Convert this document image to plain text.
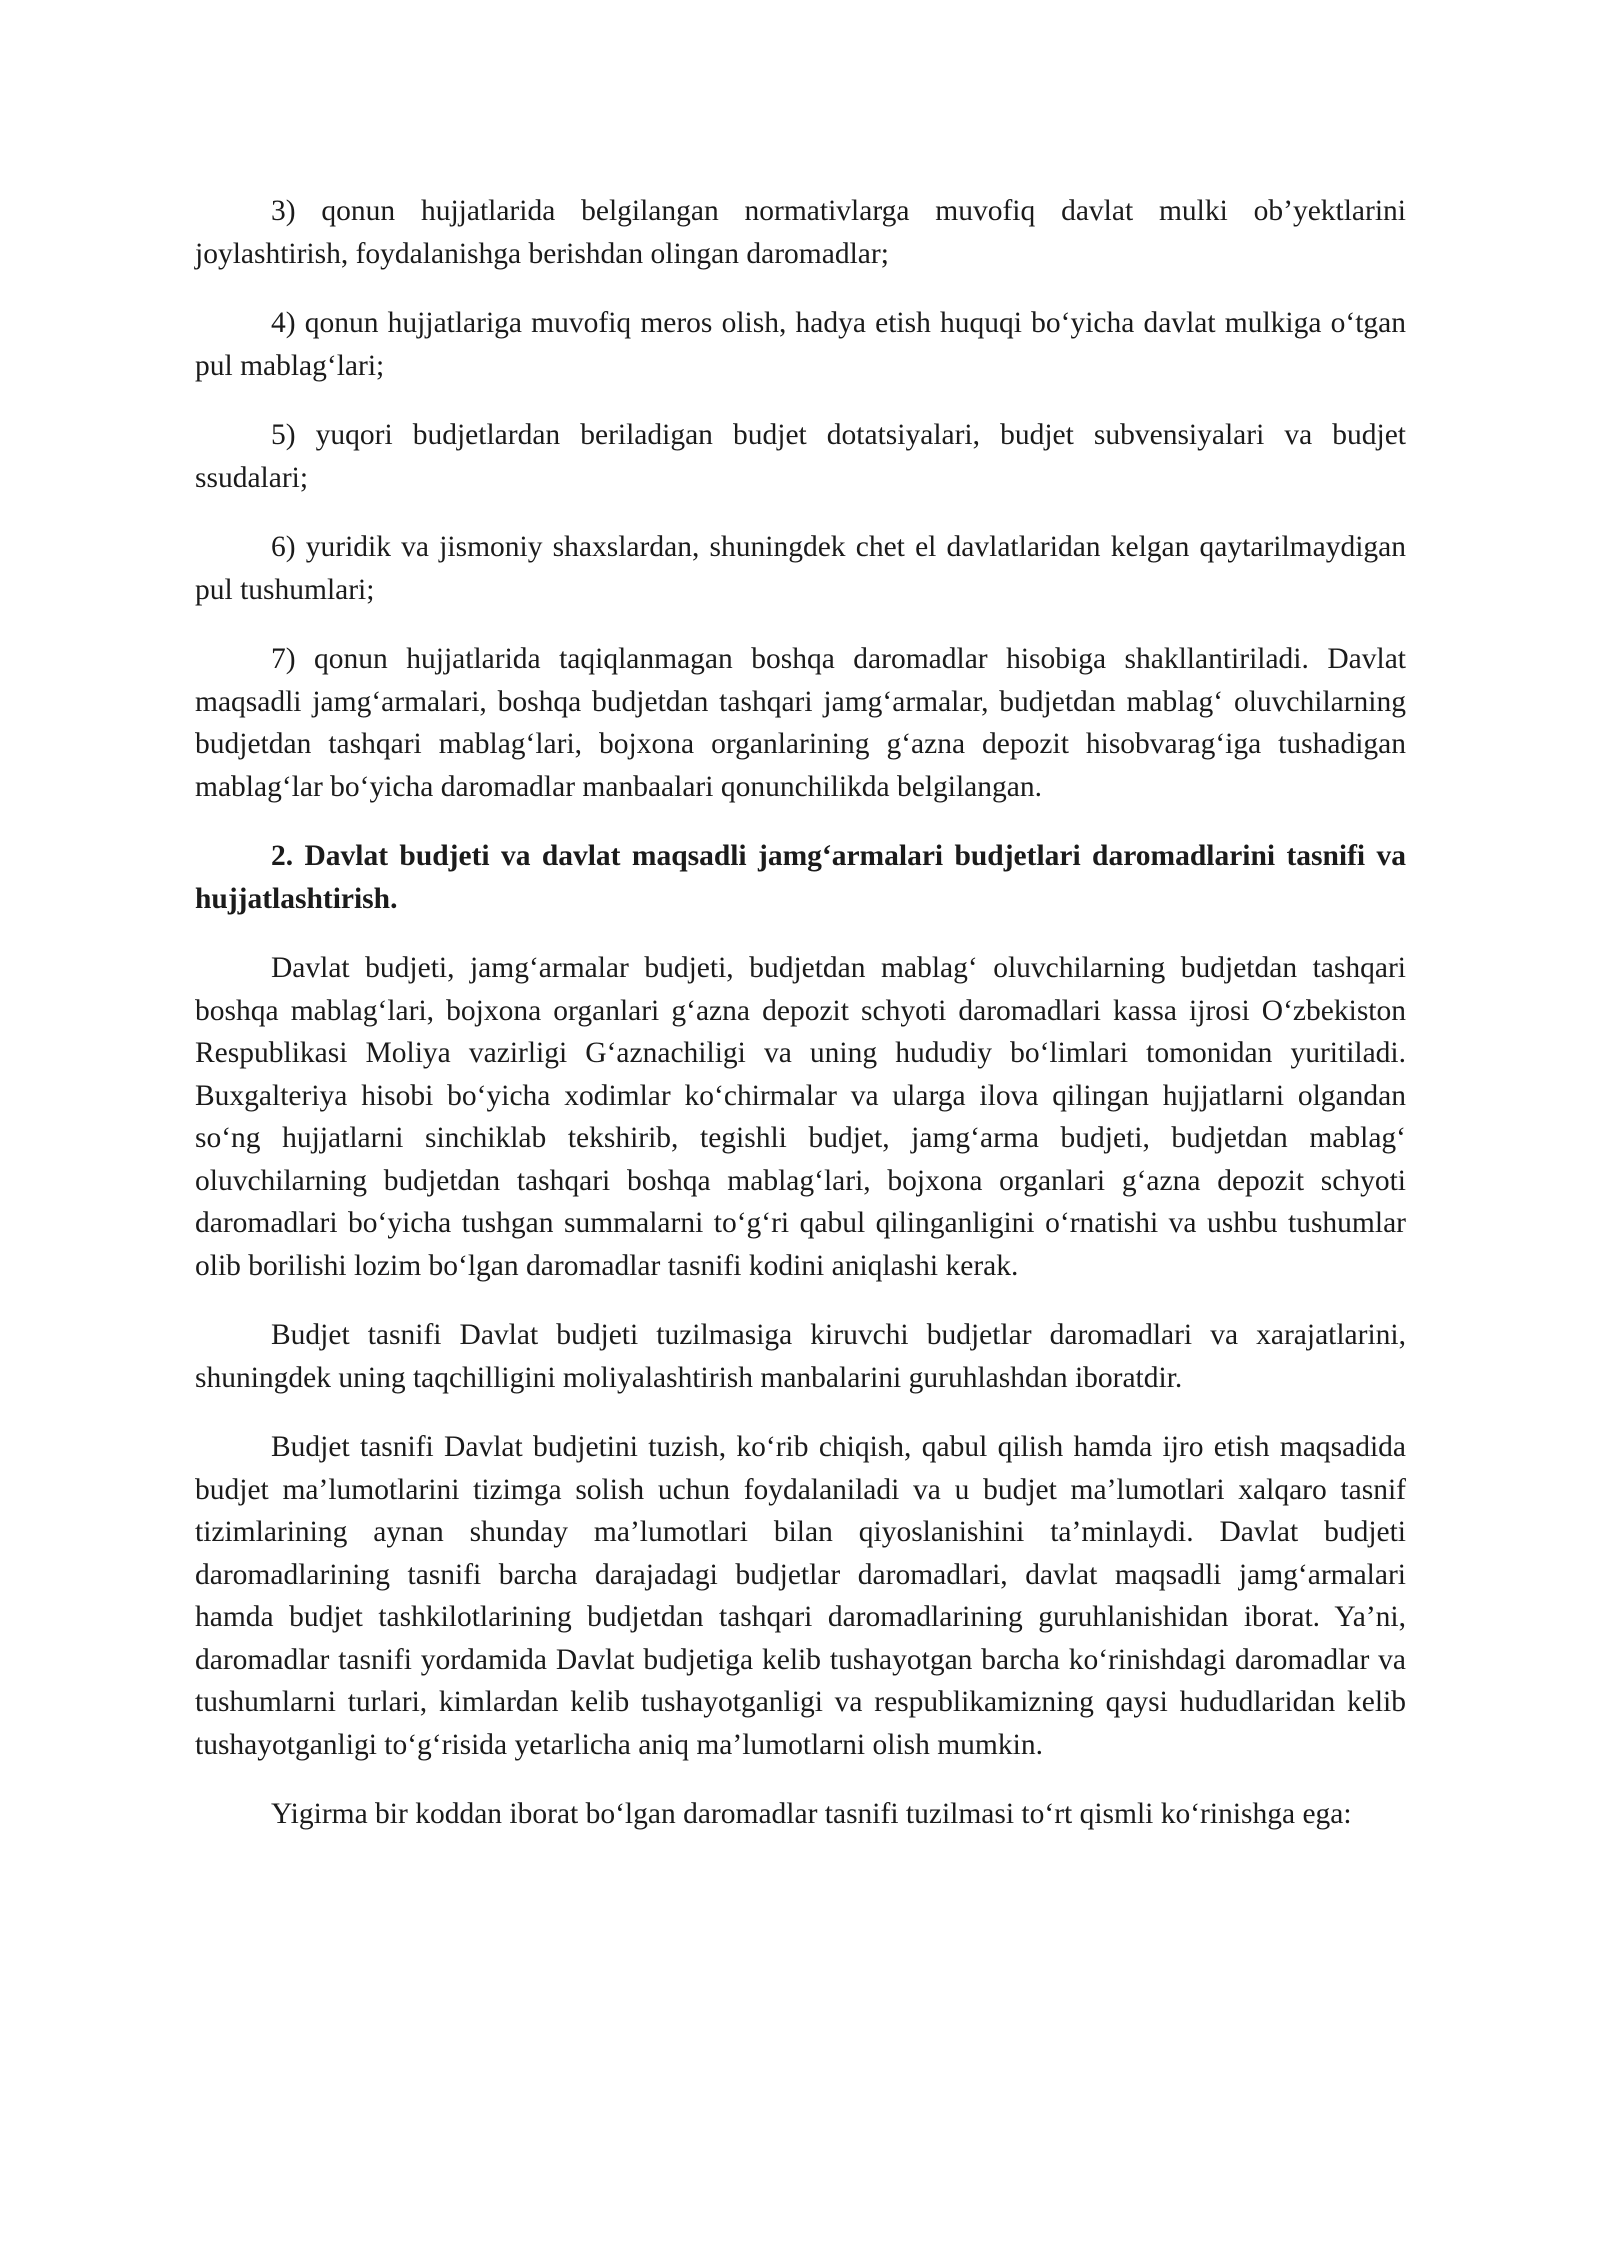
3) qonun hujjatlarida belgilangan normativlarga muvofiq davlat mulki ob’yektlarini joylashtirish, foydalanishga berishdan olingan daromadlar;

4) qonun hujjatlariga muvofiq meros olish, hadya etish huquqi bo‘yicha davlat mulkiga o‘tgan pul mablag‘lari;

5) yuqori budjetlardan beriladigan budjet dotatsiyalari, budjet subvensiyalari va budjet ssudalari;

6) yuridik va jismoniy shaxslardan, shuningdek chet el davlatlaridan kelgan qaytarilmaydigan pul tushumlari;

7) qonun hujjatlarida taqiqlanmagan boshqa daromadlar hisobiga shakllantiriladi. Davlat maqsadli jamg‘armalari, boshqa budjetdan tashqari jamg‘armalar, budjetdan mablag‘ oluvchilarning budjetdan tashqari mablag‘lari, bojxona organlarining g‘azna depozit hisobvarag‘iga tushadigan mablag‘lar bo‘yicha daromadlar manbaalari qonunchilikda belgilangan.

2. Davlat budjeti va davlat maqsadli jamg‘armalari budjetlari daromadlarini tasnifi va hujjatlashtirish.

Davlat budjeti, jamg‘armalar budjeti, budjetdan mablag‘ oluvchilarning budjetdan tashqari boshqa mablag‘lari, bojxona organlari g‘azna depozit schyoti daromadlari kassa ijrosi O‘zbekiston Respublikasi Moliya vazirligi G‘aznachiligi va uning hududiy bo‘limlari tomonidan yuritiladi. Buxgalteriya hisobi bo‘yicha xodimlar ko‘chirmalar va ularga ilova qilingan hujjatlarni olgandan so‘ng hujjatlarni sinchiklab tekshirib, tegishli budjet, jamg‘arma budjeti, budjetdan mablag‘ oluvchilarning budjetdan tashqari boshqa mablag‘lari, bojxona organlari g‘azna depozit schyoti daromadlari bo‘yicha tushgan summalarni to‘g‘ri qabul qilinganligini o‘rnatishi va ushbu tushumlar olib borilishi lozim bo‘lgan daromadlar tasnifi kodini aniqlashi kerak.

Budjet tasnifi Davlat budjeti tuzilmasiga kiruvchi budjetlar daromadlari va xarajatlarini, shuningdek uning taqchilligini moliyalashtirish manbalarini guruhlashdan iboratdir.

Budjet tasnifi Davlat budjetini tuzish, ko‘rib chiqish, qabul qilish hamda ijro etish maqsadida budjet ma’lumotlarini tizimga solish uchun foydalaniladi va u budjet ma’lumotlari xalqaro tasnif tizimlarining aynan shunday ma’lumotlari bilan qiyoslanishini ta’minlaydi. Davlat budjeti daromadlarining tasnifi barcha darajadagi budjetlar daromadlari, davlat maqsadli jamg‘armalari hamda budjet tashkilotlarining budjetdan tashqari daromadlarining guruhlanishidan iborat. Ya’ni, daromadlar tasnifi yordamida Davlat budjetiga kelib tushayotgan barcha ko‘rinishdagi daromadlar va tushumlarni turlari, kimlardan kelib tushayotganligi va respublikamizning qaysi hududlaridan kelib tushayotganligi to‘g‘risida yetarlicha aniq ma’lumotlarni olish mumkin.

Yigirma bir koddan iborat bo‘lgan daromadlar tasnifi tuzilmasi to‘rt qismli ko‘rinishga ega:
